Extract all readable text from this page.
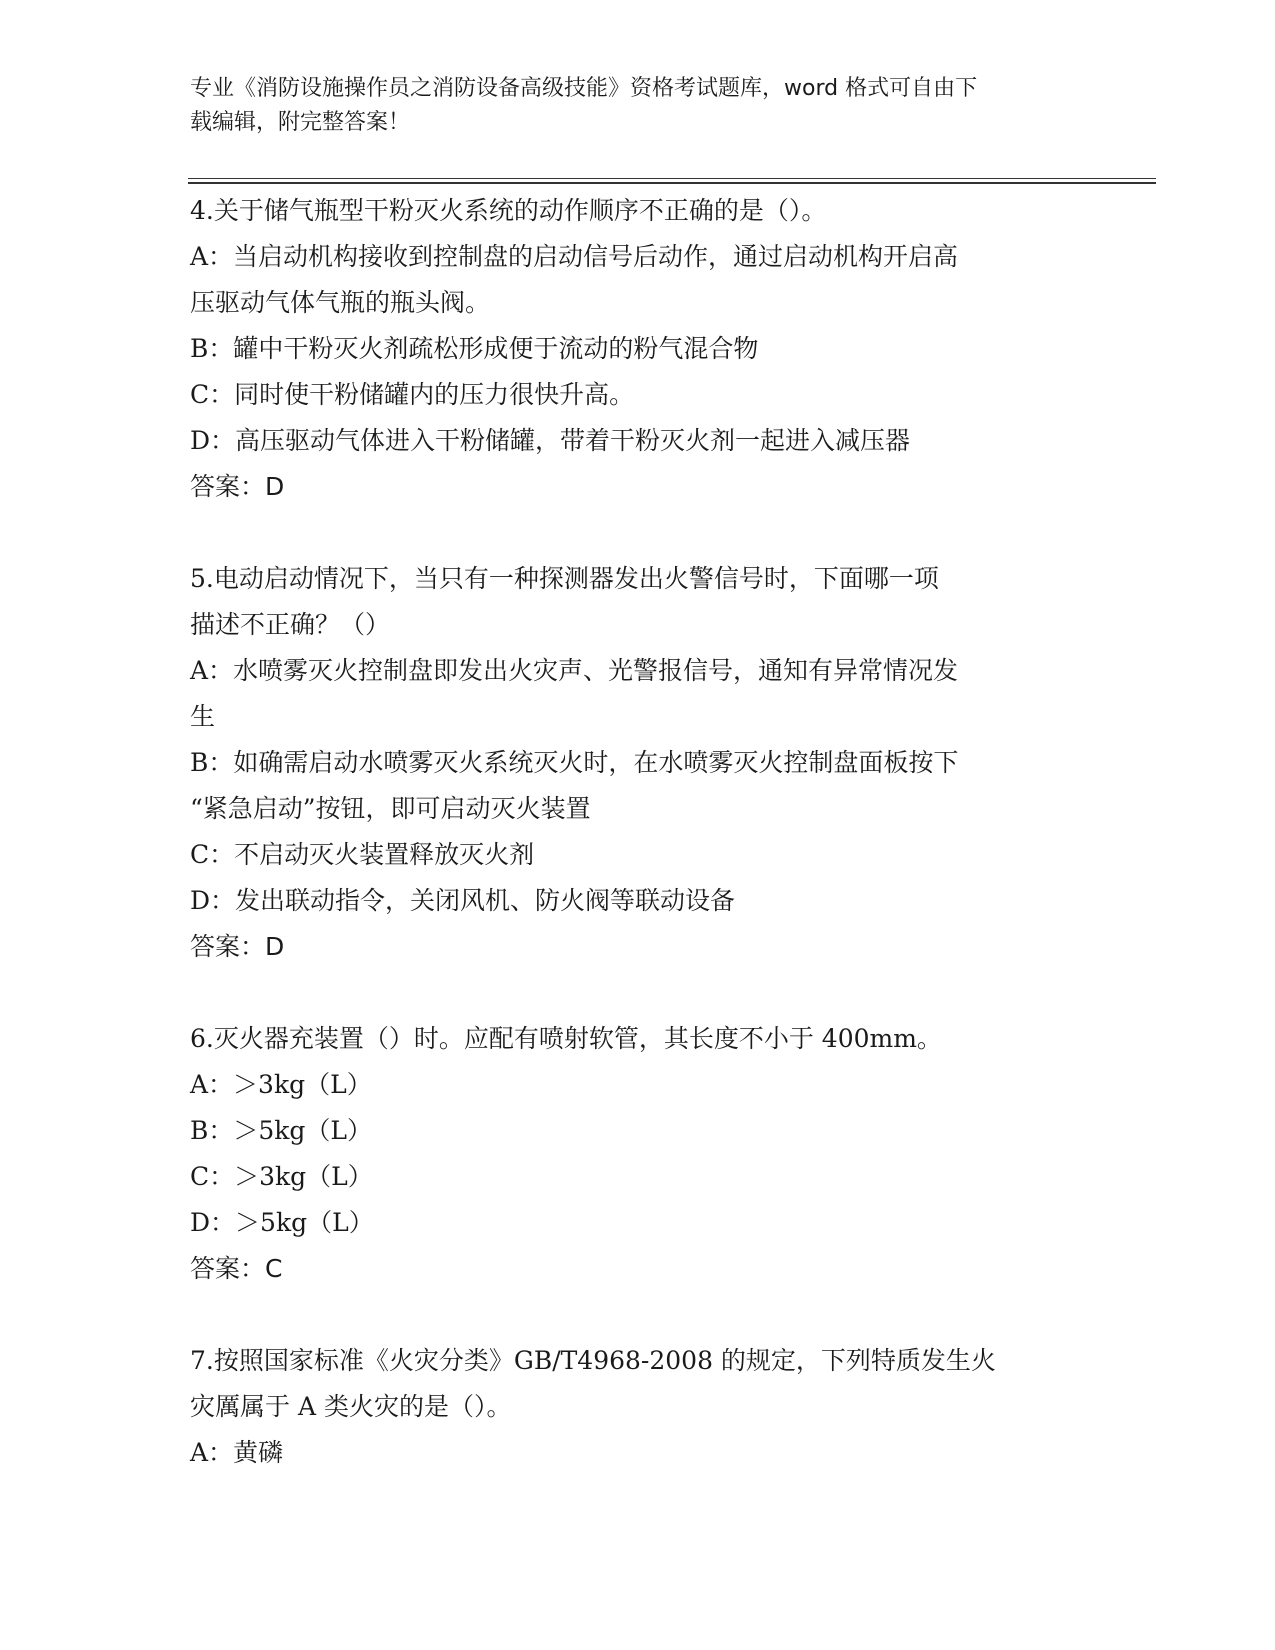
专业《消防设施操作员之消防设备高级技能》资格考试题库，word 格式可自由下
载编辑，附完整答案！
4.关于储气瓶型干粉灭火系统的动作顺序不正确的是（）。
A：当启动机构接收到控制盘的启动信号后动作，通过启动机构开启高
压驱动气体气瓶的瓶头阀。
B：罐中干粉灭火剂疏松形成便于流动的粉气混合物
C：同时使干粉储罐内的压力很快升高。
D：高压驱动气体进入干粉储罐，带着干粉灭火剂一起进入减压器
答案：D
5.电动启动情况下，当只有一种探测器发出火警信号时，下面哪一项
描述不正确？（）
A：水喷雾灭火控制盘即发出火灾声、光警报信号，通知有异常情况发
生
B：如确需启动水喷雾灭火系统灭火时，在水喷雾灭火控制盘面板按下
“紧急启动”按钮，即可启动灭火装置
C：不启动灭火装置释放灭火剂
D：发出联动指令，关闭风机、防火阀等联动设备
答案：D
6.灭火器充装置（）时。应配有喷射软管，其长度不小于 400mm。
A：＞3kg（L）
B：＞5kg（L）
C：＞3kg（L）
D：＞5kg（L）
答案：C
7.按照国家标准《火灾分类》GB/T4968-2008 的规定，下列特质发生火
灾厲属于 A 类火灾的是（）。
A：黄磷
